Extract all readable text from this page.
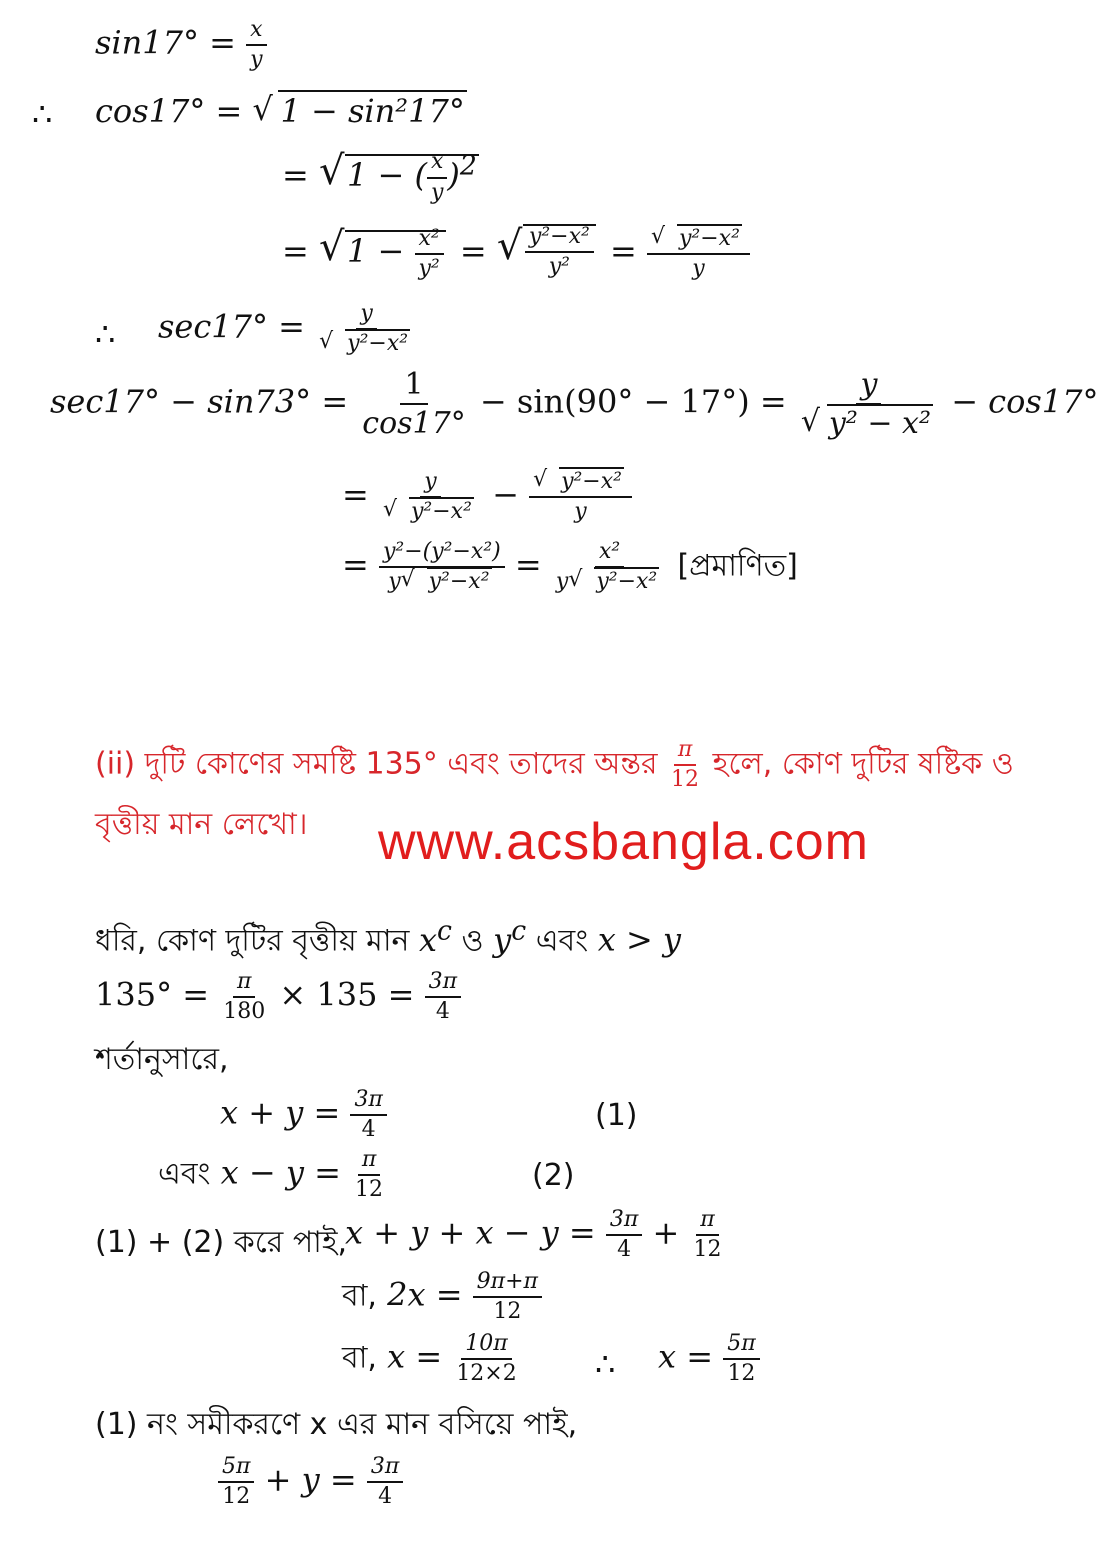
$\sin 17^\circ = \frac{x}{y}$
∴ cos17° = √ 1 − sin²17°
= √ 1 − ( $\frac{x}{y} )^2$
= √ $1 - \frac{\text{x²}}{\text{y²}}$ = √ $\frac{\text{y²−x²}}{\text{y²}}$ = √ $\frac{\text{y²−x²}}{y}$
∴ sec17° = y
√ y²−x²
$\sec 17^\circ - \sin 73^\circ = \frac{1}{\cos 17^\circ} - \sin(90^\circ - 17^\circ) = y$
√ y² − x² − cos17°
= y
√ y²−x² − √ $\frac{\text{y²−x²}}{y}$
= $\frac{\text{y²−(y²−x²)}}{\text{y √ y²−x²}} = \frac{\text{x²}}{\text{y √ y²−x²}}$ [প্রমাণিত]
(ii) দুটি কোণের সমষ্টি 135° এবং তাদের অন্তর $\frac{\pi}{12}$ হলে, কোণ দুটির ষষ্টিক ও
বৃত্তীয় মান লেখো। www.acsbangla.com
ধরি, কোণ দুটির বৃত্তীয় মান $x^c$ ও $y^c$ এবং x > y
$135^\circ = \frac{\pi}{180} \times 135 = \frac{3\pi}{4}$
শর্তানুসারে,
$x + y = \frac{3\pi}{4}$	(1)
এবং $x - y = \frac{\pi}{12}$	(2)
(1) + (2) করে পাই,
$x + y + x - y = \frac{3\pi}{4} + \frac{\pi}{12}$
বা, $2x = \frac{9\pi+\pi}{12}$
বা, $x = \frac{10\pi}{12\times 2}$ ∴ $x = \frac{5\pi}{12}$
(1) নং সমীকরণে x এর মান বসিয়ে পাই,
$\frac{5\pi}{12} + y = \frac{3\pi}{4}$
